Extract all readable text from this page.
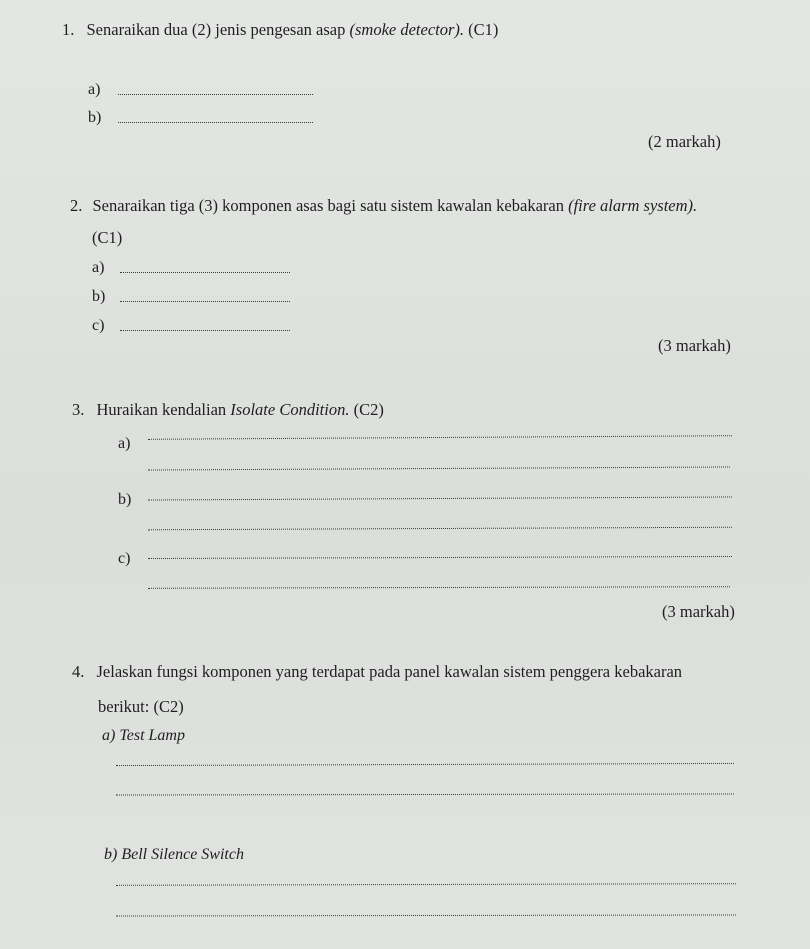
1. Senaraikan dua (2) jenis pengesan asap (smoke detector). (C1)
a)
b)
(2 markah)
2. Senaraikan tiga (3) komponen asas bagi satu sistem kawalan kebakaran (fire alarm system).
(C1)
a)
b)
c)
(3 markah)
3. Huraikan kendalian Isolate Condition. (C2)
a)
b)
c)
(3 markah)
4. Jelaskan fungsi komponen yang terdapat pada panel kawalan sistem penggera kebakaran
berikut: (C2)
a) Test Lamp
b) Bell Silence Switch
